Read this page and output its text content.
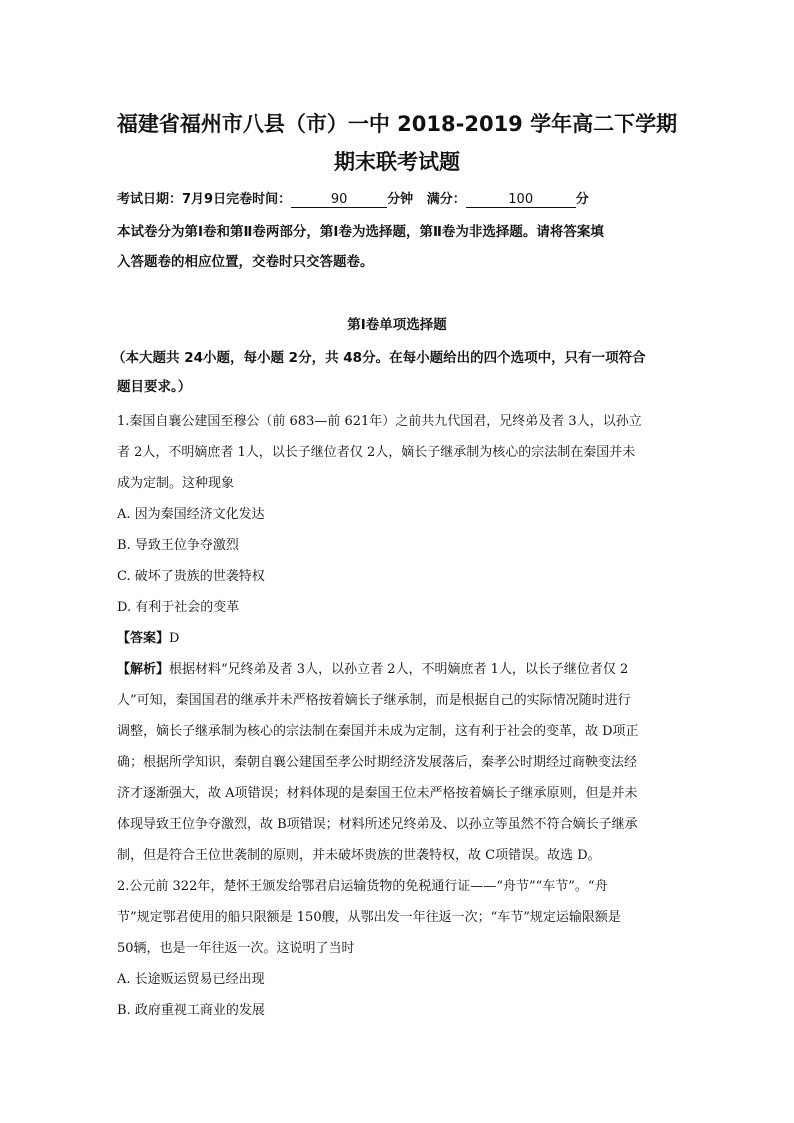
福建省福州市八县（市）一中 2018-2019 学年高二下学期
期末联考试题
考试日期：7月9日完卷时间：	90	分钟 满分：	100	分
本试卷分为第Ⅰ卷和第Ⅱ卷两部分，第Ⅰ卷为选择题，第Ⅱ卷为非选择题。请将答案填
入答题卷的相应位置，交卷时只交答题卷。
第Ⅰ卷单项选择题
（本大题共 24小题，每小题 2分，共 48分。在每小题给出的四个选项中，只有一项符合
题目要求。）
1.秦国自襄公建国至穆公（前 683—前 621年）之前共九代国君，兄终弟及者 3人，以孙立
者 2人，不明嫡庶者 1人，以长子继位者仅 2人，嫡长子继承制为核心的宗法制在秦国并未
成为定制。这种现象
A. 因为秦国经济文化发达
B. 导致王位争夺激烈
C. 破坏了贵族的世袭特权
D. 有利于社会的变革
【答案】D
【解析】根据材料“兄终弟及者 3人，以孙立者 2人，不明嫡庶者 1人，以长子继位者仅 2
人”可知，秦国国君的继承并未严格按着嫡长子继承制，而是根据自己的实际情况随时进行
调整，嫡长子继承制为核心的宗法制在秦国并未成为定制，这有利于社会的变革，故 D项正
确；根据所学知识，秦朝自襄公建国至孝公时期经济发展落后，秦孝公时期经过商鞅变法经
济才逐渐强大，故 A项错误；材料体现的是秦国王位未严格按着嫡长子继承原则，但是并未
体现导致王位争夺激烈，故 B项错误；材料所述兄终弟及、以孙立等虽然不符合嫡长子继承
制，但是符合王位世袭制的原则，并未破坏贵族的世袭特权，故 C项错误。故选 D。
2.公元前 322年，楚怀王颁发给鄂君启运输货物的免税通行证——“舟节”“车节”。“舟
节”规定鄂君使用的船只限额是 150艘，从鄂出发一年往返一次；“车节”规定运输限额是
50辆，也是一年往返一次。这说明了当时
A. 长途贩运贸易已经出现
B. 政府重视工商业的发展
